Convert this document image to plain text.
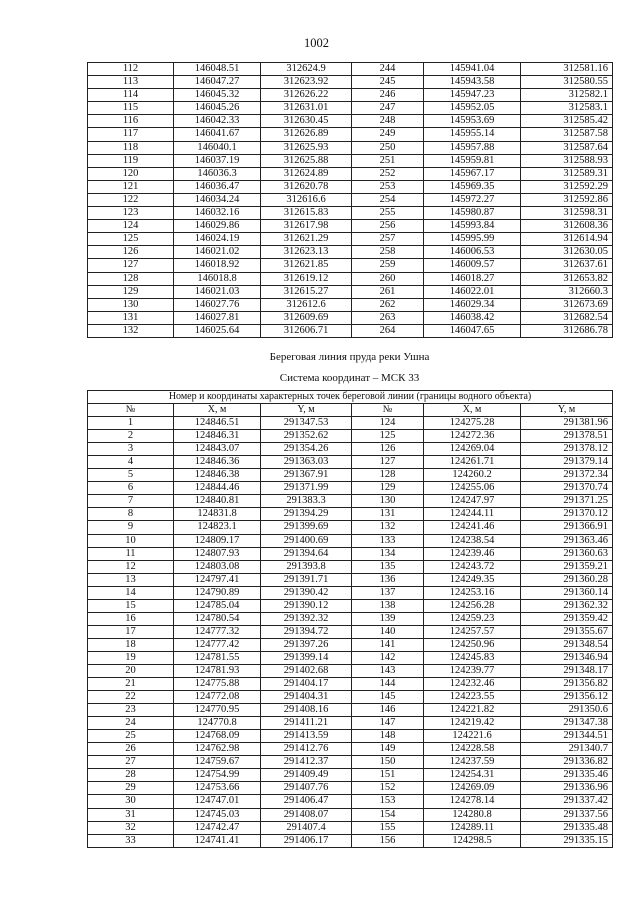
1002
112	146048.51	312624.9	244	145941.04	312581.16
113	146047.27	312623.92	245	145943.58	312580.55
114	146045.32	312626.22	246	145947.23	312582.1
115	146045.26	312631.01	247	145952.05	312583.1
116	146042.33	312630.45	248	145953.69	312585.42
117	146041.67	312626.89	249	145955.14	312587.58
118	146040.1	312625.93	250	145957.88	312587.64
119	146037.19	312625.88	251	145959.81	312588.93
120	146036.3	312624.89	252	145967.17	312589.31
121	146036.47	312620.78	253	145969.35	312592.29
122	146034.24	312616.6	254	145972.27	312592.86
123	146032.16	312615.83	255	145980.87	312598.31
124	146029.86	312617.98	256	145993.84	312608.36
125	146024.19	312621.29	257	145995.99	312614.94
126	146021.02	312623.13	258	146006.53	312630.05
127	146018.92	312621.85	259	146009.57	312637.61
128	146018.8	312619.12	260	146018.27	312653.82
129	146021.03	312615.27	261	146022.01	312660.3
130	146027.76	312612.6	262	146029.34	312673.69
131	146027.81	312609.69	263	146038.42	312682.54
132	146025.64	312606.71	264	146047.65	312686.78
Береговая линия пруда реки Ушна
Система координат – МСК 33
Номер и координаты характерных точек береговой линии (границы водного объекта)					
№	X, м	Y, м	№	X, м	Y, м
1	124846.51	291347.53	124	124275.28	291381.96
2	124846.31	291352.62	125	124272.36	291378.51
3	124843.07	291354.26	126	124269.04	291378.12
4	124846.36	291363.03	127	124261.71	291379.14
5	124846.38	291367.91	128	124260.2	291372.34
6	124844.46	291371.99	129	124255.06	291370.74
7	124840.81	291383.3	130	124247.97	291371.25
8	124831.8	291394.29	131	124244.11	291370.12
9	124823.1	291399.69	132	124241.46	291366.91
10	124809.17	291400.69	133	124238.54	291363.46
11	124807.93	291394.64	134	124239.46	291360.63
12	124803.08	291393.8	135	124243.72	291359.21
13	124797.41	291391.71	136	124249.35	291360.28
14	124790.89	291390.42	137	124253.16	291360.14
15	124785.04	291390.12	138	124256.28	291362.32
16	124780.54	291392.32	139	124259.23	291359.42
17	124777.32	291394.72	140	124257.57	291355.67
18	124777.42	291397.26	141	124250.96	291348.54
19	124781.55	291399.14	142	124245.83	291346.94
20	124781.93	291402.68	143	124239.77	291348.17
21	124775.88	291404.17	144	124232.46	291356.82
22	124772.08	291404.31	145	124223.55	291356.12
23	124770.95	291408.16	146	124221.82	291350.6
24	124770.8	291411.21	147	124219.42	291347.38
25	124768.09	291413.59	148	124221.6	291344.51
26	124762.98	291412.76	149	124228.58	291340.7
27	124759.67	291412.37	150	124237.59	291336.82
28	124754.99	291409.49	151	124254.31	291335.46
29	124753.66	291407.76	152	124269.09	291336.96
30	124747.01	291406.47	153	124278.14	291337.42
31	124745.03	291408.07	154	124280.8	291337.56
32	124742.47	291407.4	155	124289.11	291335.48
33	124741.41	291406.17	156	124298.5	291335.15
